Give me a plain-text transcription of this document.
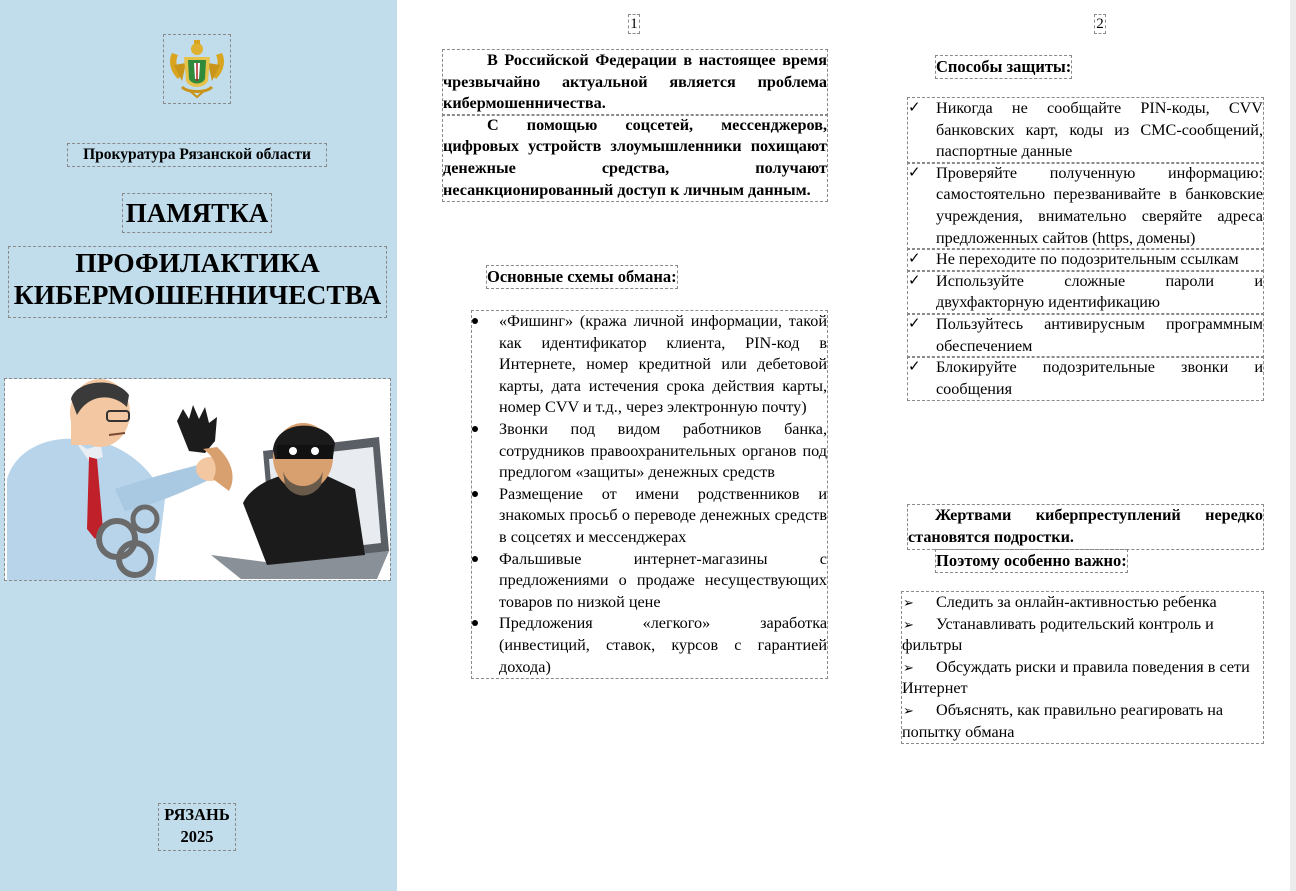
Прокуратура Рязанской области
ПАМЯТКА
ПРОФИЛАКТИКА
КИБЕРМОШЕННИЧЕСТВА
РЯЗАНЬ
2025
1

В Российской Федерации в настоящее время чрезвычайно актуальной является проблема кибермошенничества.

С помощью соцсетей, мессенджеров, цифровых устройств злоумышленники похищают денежные средства, получают несанкционированный доступ к личным данным.

Основные схемы обмана:
«Фишинг» (кража личной информации, такой как идентификатор клиента, PIN-код в Интернете, номер кредитной или дебетовой карты, дата истечения срока действия карты, номер CVV и т.д., через электронную почту)
Звонки под видом работников банка, сотрудников правоохранительных органов под предлогом «защиты» денежных средств
Размещение от имени родственников и знакомых просьб о переводе денежных средств в соцсетях и мессенджерах
Фальшивые интернет-магазины с предложениями о продаже несуществующих товаров по низкой цене
Предложения «легкого» заработка (инвестиций, ставок, курсов с гарантией дохода)
2
Способы защиты:
✓ Никогда не сообщайте PIN-коды, CVV банковских карт, коды из СМС-сообщений, паспортные данные
✓ Проверяйте полученную информацию: самостоятельно перезванивайте в банковские учреждения, внимательно сверяйте адреса предложенных сайтов (https, домены)
✓ Не переходите по подозрительным ссылкам
✓ Используйте сложные пароли и двухфакторную идентификацию
✓ Пользуйтесь антивирусным программным обеспечением
✓ Блокируйте подозрительные звонки и сообщения
Жертвами киберпреступлений нередко становятся подростки.
Поэтому особенно важно:
➢ Следить за онлайн-активностью ребенка
➢ Устанавливать родительский контроль и фильтры
➢ Обсуждать риски и правила поведения в сети Интернет
➢ Объяснять, как правильно реагировать на попытку обмана
